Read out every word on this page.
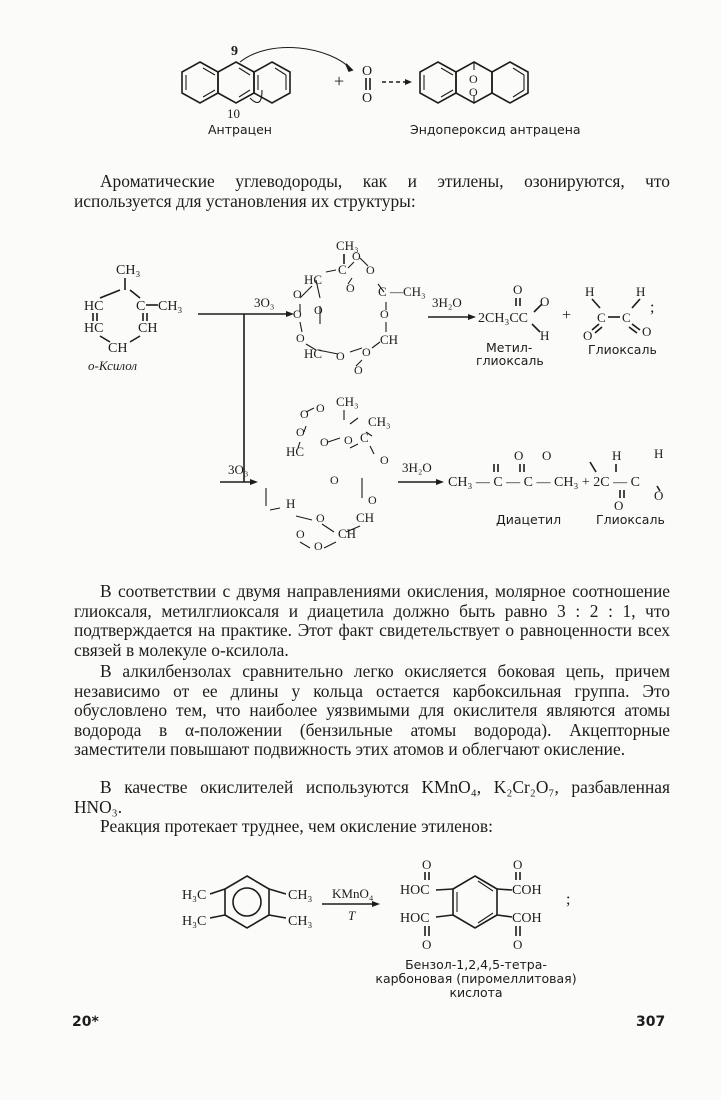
9
10
+ O
O
O
O
Антрацен	Эндопероксид антрацена

Ароматические углеводороды, как и этилены, озонируются, что используется для установления их структуры:

CH₃
HC C CH₃
HC CH
CH
о-Ксилол
3O₃
3O₃
CH₃
C
HC
C —CH₃
O
O
O
O
O O	O
O	CH
O
HC O
O
3H₂O
O
2CH₃CC
O
H
+
Метил-
глиоксаль
H	H
C C
O	O
;
Глиоксаль
CH₃
CH₃
C
HC
O O
O
O O
O
O
H
O CH
O
O
O
CH
3H₂O
O O
CH₃ — C — C — CH₃ + 2C — C
H	H
O
O
Диацетил	Глиоксаль

В соответствии с двумя направлениями окисления, молярное соотношение глиоксаля, метилглиоксаля и диацетила должно быть равно 3 : 2 : 1, что подтверждается на практике. Этот факт свидетельствует о равноценности всех связей в молекуле о-ксилола.

В алкилбензолах сравнительно легко окисляется боковая цепь, причем независимо от ее длины у кольца остается карбоксильная группа. Это обусловлено тем, что наиболее уязвимыми для окислителя являются атомы водорода в α-положении (бензильные атомы водорода). Акцепторные заместители повышают подвижность этих атомов и облегчают окисление.

В качестве окислителей используются KMnO₄, K₂Cr₂O₇, разбавленная HNO₃.

Реакция протекает труднее, чем окисление этиленов:

H₃C
H₃C
CH₃
CH₃
KMnO₄
T
HOC
HOC
COH
COH
O	O
O	O
;
Бензол-1,2,4,5-тетра-
карбоновая (пиромеллитовая)
кислота
20*	307
